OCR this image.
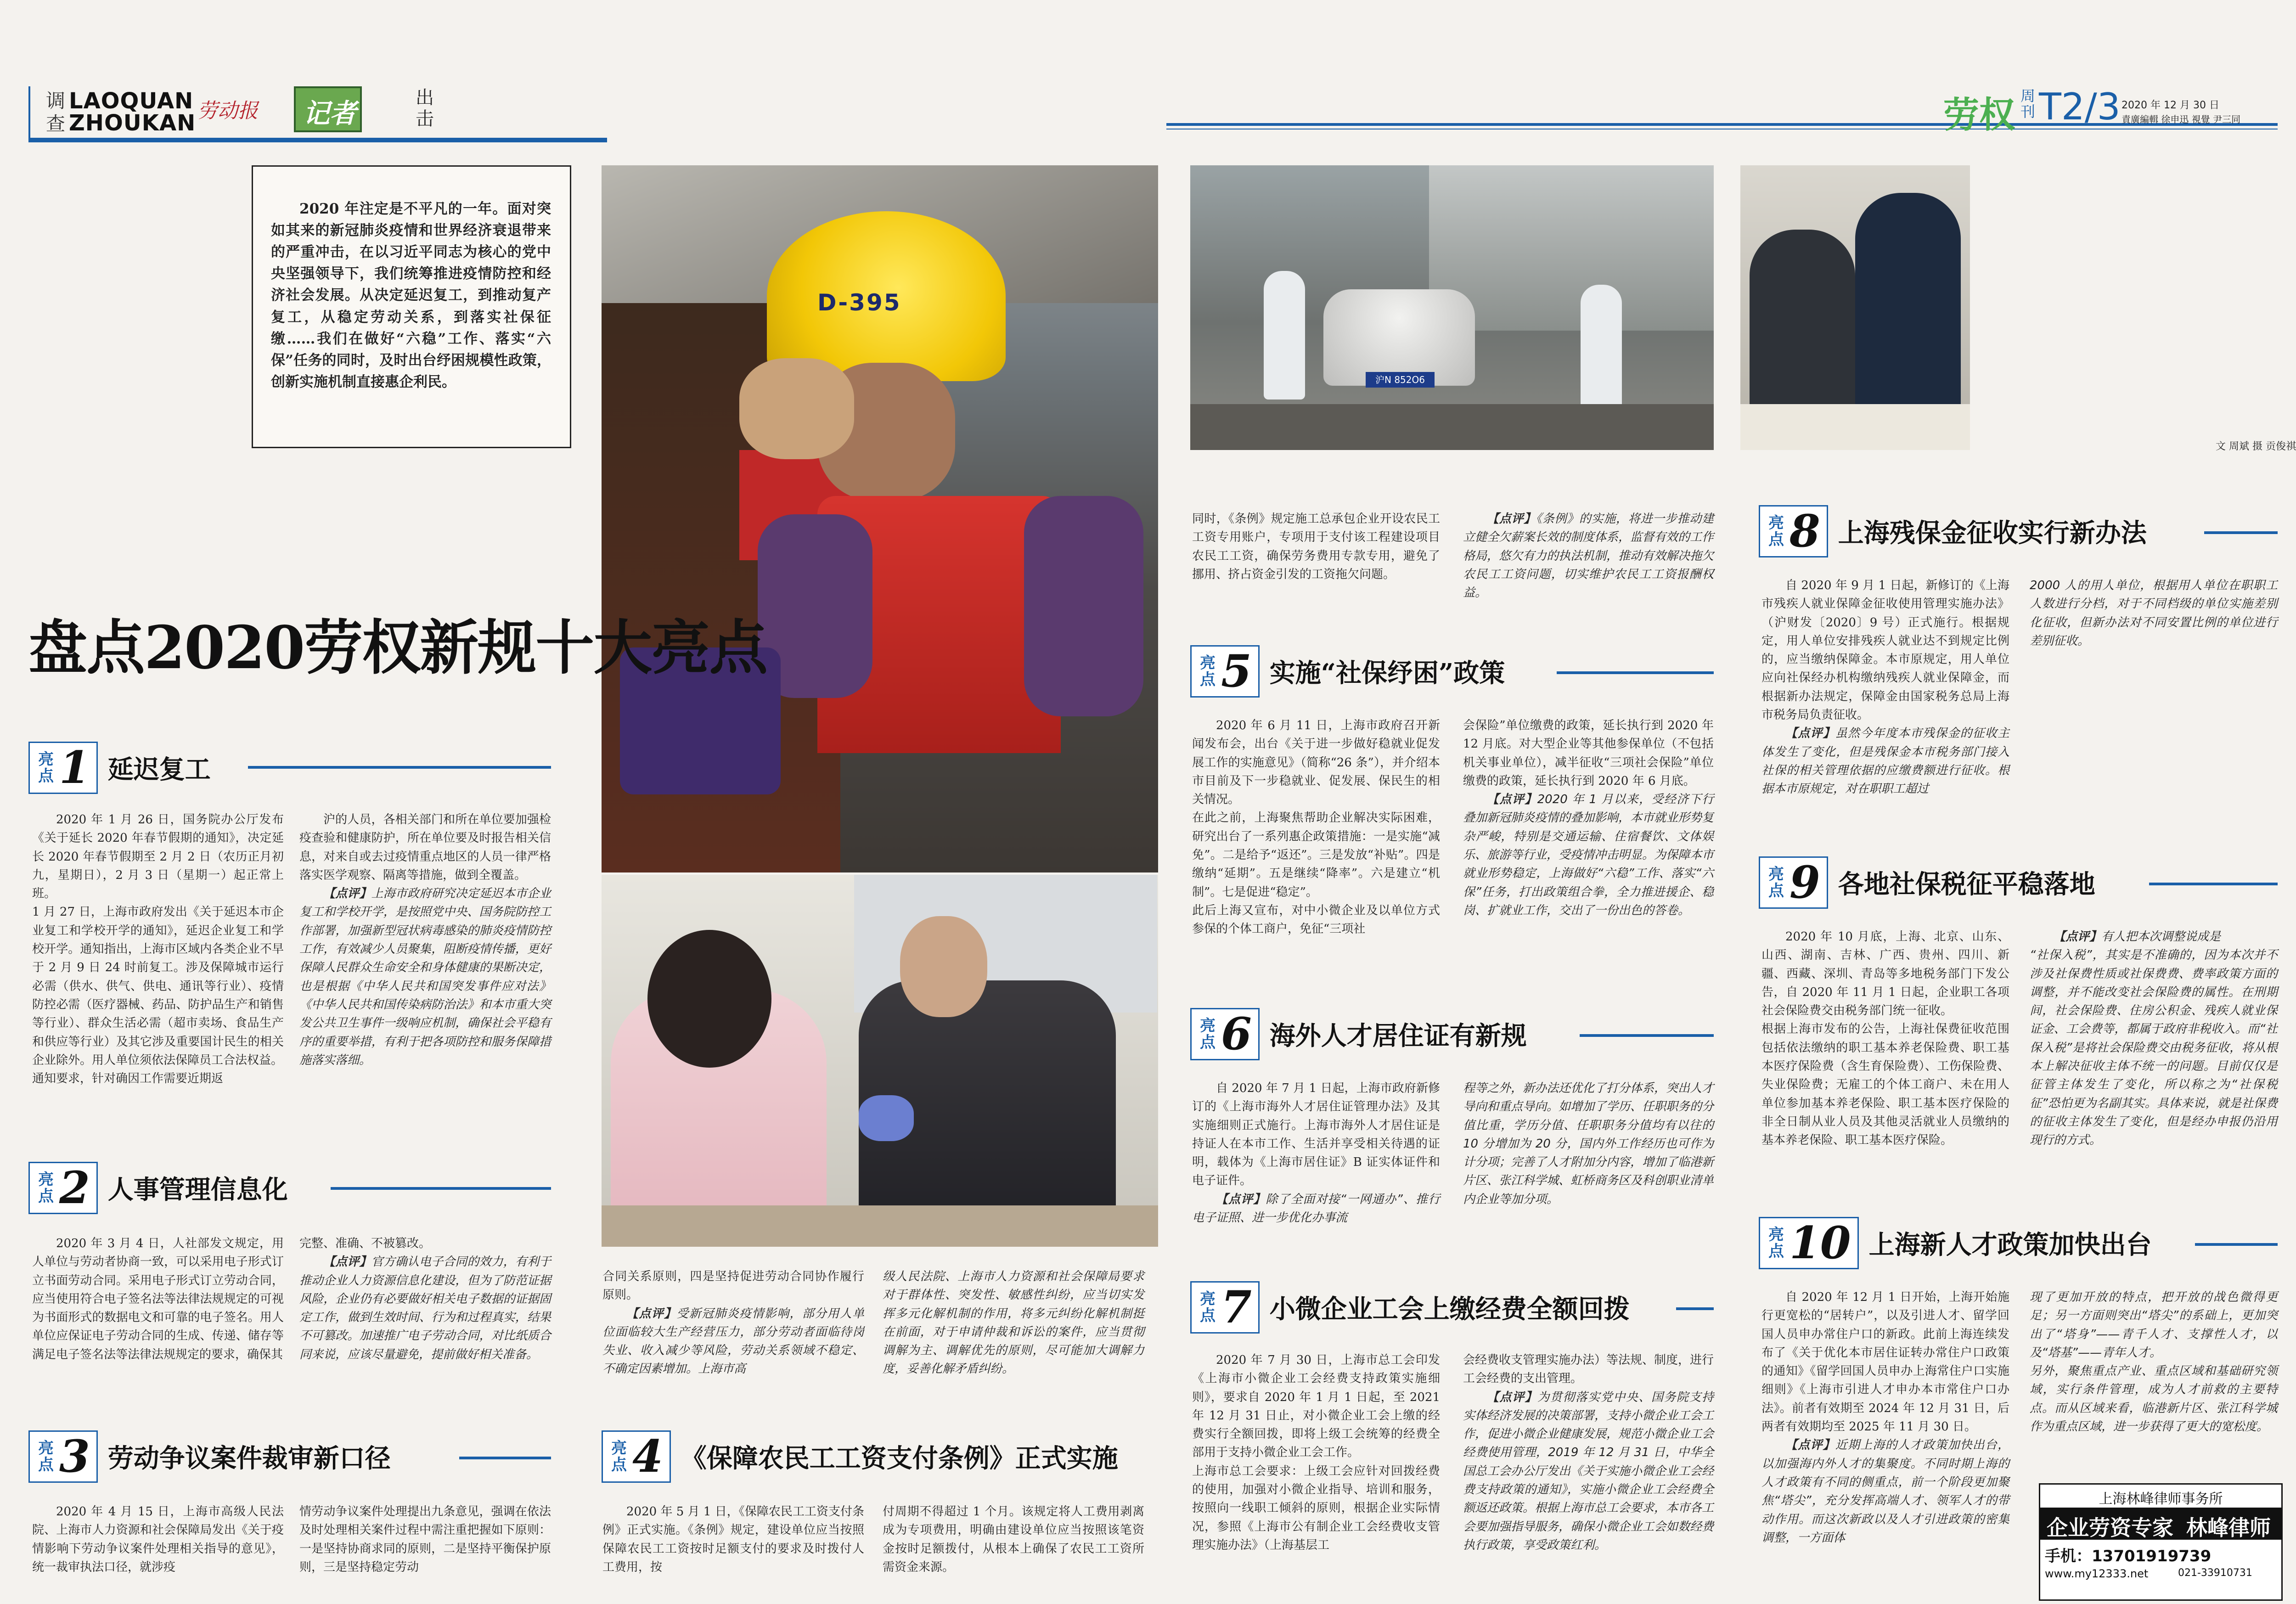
调
查
LAOQUAN
ZHOUKAN 劳动报 记者	出
击	劳权 周
刊 T2/3 2020 年 12 月 30 日
責廣編輯 徐申迅 視覺 尹三同
2020 年注定是不平凡的一年。面对突如其来的新冠肺炎疫情和世界经济衰退带来的严重冲击，在以习近平同志为核心的党中央坚强领导下，我们统筹推进疫情防控和经济社会发展。从决定延迟复工，到推动复产复工，从稳定劳动关系，到落实社保征缴……我们在做好“六稳”工作、落实“六保”任务的同时，及时出台纾困规模性政策，创新实施机制直接惠企利民。
D-395
盘点2020劳权新规十大亮点
沪N 852O6
文 周斌 摄 贡俊祺
亮
点 1 延迟复工
2020 年 1 月 26 日，国务院办公厅发布《关于延长 2020 年春节假期的通知》，决定延长 2020 年春节假期至 2 月 2 日（农历正月初九，星期日），2 月 3 日（星期一）起正常上班。
1 月 27 日，上海市政府发出《关于延迟本市企业复工和学校开学的通知》，延迟企业复工和学校开学。通知指出，上海市区域内各类企业不早于 2 月 9 日 24 时前复工。涉及保障城市运行必需（供水、供气、供电、通讯等行业）、疫情防控必需（医疗器械、药品、防护品生产和销售等行业）、群众生活必需（超市卖场、食品生产和供应等行业）及其它涉及重要国计民生的相关企业除外。用人单位须依法保障员工合法权益。
通知要求，针对确因工作需要近期返
沪的人员，各相关部门和所在单位要加强检疫查验和健康防护，所在单位要及时报告相关信息，对来自或去过疫情重点地区的人员一律严格落实医学观察、隔离等措施，做到全覆盖。
【点评】上海市政府研究决定延迟本市企业复工和学校开学，是按照党中央、国务院防控工作部署，加强新型冠状病毒感染的肺炎疫情防控工作，有效减少人员聚集，阻断疫情传播，更好保障人民群众生命安全和身体健康的果断决定，也是根据《中华人民共和国突发事件应对法》《中华人民共和国传染病防治法》和本市重大突发公共卫生事件一级响应机制，确保社会平稳有序的重要举措，有利于把各项防控和服务保障措施落实落细。
亮
点 2 人事管理信息化
2020 年 3 月 4 日，人社部发文规定，用人单位与劳动者协商一致，可以采用电子形式订立书面劳动合同。采用电子形式订立劳动合同，应当使用符合电子签名法等法律法规规定的可视为书面形式的数据电文和可靠的电子签名。用人单位应保证电子劳动合同的生成、传递、储存等满足电子签名法等法律法规规定的要求，确保其
完整、准确、不被篡改。
【点评】官方确认电子合同的效力，有利于推动企业人力资源信息化建设，但为了防范证据风险，企业仍有必要做好相关电子数据的证据固定工作，做到生效时间、行为和过程真实，结果不可篡改。加速推广电子劳动合同，对比纸质合同来说，应该尽量避免，提前做好相关准备。
亮
点 3 劳动争议案件裁审新口径
2020 年 4 月 15 日，上海市高级人民法院、上海市人力资源和社会保障局发出《关于疫情影响下劳动争议案件处理相关指导的意见》，统一裁审执法口径，就涉疫
情劳动争议案件处理提出九条意见，强调在依法及时处理相关案件过程中需注重把握如下原则：一是坚持协商求同的原则，二是坚持平衡保护原则，三是坚持稳定劳动
合同关系原则，四是坚持促进劳动合同协作履行原则。
【点评】受新冠肺炎疫情影响，部分用人单位面临较大生产经营压力，部分劳动者面临待岗失业、收入减少等风险，劳动关系领域不稳定、不确定因素增加。上海市高
级人民法院、上海市人力资源和社会保障局要求对于群体性、突发性、敏感性纠纷，应当切实发挥多元化解机制的作用，将多元纠纷化解机制挺在前面，对于申请仲裁和诉讼的案件，应当贯彻调解为主、调解优先的原则，尽可能加大调解力度，妥善化解矛盾纠纷。
亮
点 4 《保障农民工工资支付条例》正式实施
2020 年 5 月 1 日，《保障农民工工资支付条例》正式实施。《条例》规定，建设单位应当按照保障农民工工资按时足额支付的要求及时拨付人工费用，按
付周期不得超过 1 个月。该规定将人工费用剥离成为专项费用，明确由建设单位应当按照该笔资金按时足额拨付，从根本上确保了农民工工资所需资金来源。
同时，《条例》规定施工总承包企业开设农民工工资专用账户，专项用于支付该工程建设项目农民工工资，确保劳务费用专款专用，避免了挪用、挤占资金引发的工资拖欠问题。
【点评】《条例》的实施，将进一步推动建立健全欠薪案长效的制度体系，监督有效的工作格局，悠欠有力的执法机制，推动有效解决拖欠农民工工资问题，切实维护农民工工资报酬权益。
亮
点 5 实施“社保纾困”政策
2020 年 6 月 11 日，上海市政府召开新闻发布会，出台《关于进一步做好稳就业促发展工作的实施意见》（简称“26 条”），并介绍本市目前及下一步稳就业、促发展、保民生的相关情况。
在此之前，上海聚焦帮助企业解决实际困难，研究出台了一系列惠企政策措施：一是实施“减免”。二是给予“返还”。三是发放“补贴”。四是缴纳“延期”。五是继续“降率”。六是建立“机制”。七是促进“稳定”。
此后上海又宣布，对中小微企业及以单位方式参保的个体工商户，免征“三项社
会保险”单位缴费的政策，延长执行到 2020 年 12 月底。对大型企业等其他参保单位（不包括机关事业单位），减半征收“三项社会保险”单位缴费的政策，延长执行到 2020 年 6 月底。
【点评】2020 年 1 月以来，受经济下行叠加新冠肺炎疫情的叠加影响，本市就业形势复杂严峻，特别是交通运输、住宿餐饮、文体娱乐、旅游等行业，受疫情冲击明显。为保障本市就业形势稳定，上海做好“六稳”工作、落实“六保”任务，打出政策组合拳，全力推进援企、稳岗、扩就业工作，交出了一份出色的答卷。
亮
点 6 海外人才居住证有新规
自 2020 年 7 月 1 日起，上海市政府新修订的《上海市海外人才居住证管理办法》及其实施细则正式施行。上海市海外人才居住证是持证人在本市工作、生活并享受相关待遇的证明，载体为《上海市居住证》B 证实体证件和电子证件。
【点评】除了全面对接“一网通办”、推行电子证照、进一步优化办事流
程等之外，新办法还优化了打分体系，突出人才导向和重点导向。如增加了学历、任职职务的分值比重，学历分值、任职职务分值均有以往的 10 分增加为 20 分，国内外工作经历也可作为计分项；完善了人才附加分内容，增加了临港新片区、张江科学城、虹桥商务区及科创职业清单内企业等加分项。
亮
点 7 小微企业工会上缴经费全额回拨
2020 年 7 月 30 日，上海市总工会印发《上海市小微企业工会经费支持政策实施细则》，要求自 2020 年 1 月 1 日起，至 2021 年 12 月 31 日止，对小微企业工会上缴的经费实行全额回拨，即将上级工会统筹的经费全部用于支持小微企业工会工作。
上海市总工会要求：上级工会应针对回拨经费的使用，加强对小微企业指导、培训和服务，按照向一线职工倾斜的原则，根据企业实际情况，参照《上海市公有制企业工会经费收支管理实施办法》（上海基层工
会经费收支管理实施办法）等法规、制度，进行工会经费的支出管理。
【点评】为贯彻落实党中央、国务院支持实体经济发展的决策部署，支持小微企业工会工作，促进小微企业健康发展，规范小微企业工会经费使用管理，2019 年 12 月 31 日，中华全国总工会办公厅发出《关于实施小微企业工会经费支持政策的通知》，实施小微企业工会经费全额返还政策。根据上海市总工会要求，本市各工会要加强指导服务，确保小微企业工会如数经费执行政策，享受政策红利。
亮
点 8 上海残保金征收实行新办法
自 2020 年 9 月 1 日起，新修订的《上海市残疾人就业保障金征收使用管理实施办法》（沪财发〔2020〕9 号）正式施行。根据规定，用人单位安排残疾人就业达不到规定比例的，应当缴纳保障金。本市原规定，用人单位应向社保经办机构缴纳残疾人就业保障金，而根据新办法规定，保障金由国家税务总局上海市税务局负责征收。
【点评】虽然今年度本市残保金的征收主体发生了变化，但是残保金本市税务部门接入社保的相关管理依据的应缴费额进行征收。根据本市原规定，对在职职工超过
2000 人的用人单位，根据用人单位在职职工人数进行分档，对于不同档级的单位实施差别化征收，但新办法对不同安置比例的单位进行差别征收。
亮
点 9 各地社保税征平稳落地
2020 年 10 月底，上海、北京、山东、山西、湖南、吉林、广西、贵州、四川、新疆、西藏、深圳、青岛等多地税务部门下发公告，自 2020 年 11 月 1 日起，企业职工各项社会保险费交由税务部门统一征收。
根据上海市发布的公告，上海社保费征收范围包括依法缴纳的职工基本养老保险费、职工基本医疗保险费（含生育保险费）、工伤保险费、失业保险费；无雇工的个体工商户、未在用人单位参加基本养老保险、职工基本医疗保险的非全日制从业人员及其他灵活就业人员缴纳的基本养老保险、职工基本医疗保险。
【点评】有人把本次调整说成是
“社保入税”，其实是不准确的，因为本次并不涉及社保费性质或社保费费、费率政策方面的调整，并不能改变社会保险费的属性。在刑期间，社会保险费、住房公积金、残疾人就业保证金、工会费等，都属于政府非税收入。而“社保入税”是将社会保险费交由税务征收，将从根本上解决征收主体不统一的问题。目前仅仅是征管主体发生了变化，所以称之为“社保税征”恐怕更为名副其实。具体来说，就是社保费的征收主体发生了变化，但是经办申报仍沿用现行的方式。
亮
点 10 上海新人才政策加快出台
自 2020 年 12 月 1 日开始，上海开始施行更宽松的“居转户”，以及引进人才、留学回国人员申办常住户口的新政。此前上海连续发布了《关于优化本市居住证转办常住户口政策的通知》《留学回国人员申办上海常住户口实施细则》《上海市引进人才申办本市常住户口办法》。前者有效期至 2024 年 12 月 31 日，后两者有效期均至 2025 年 11 月 30 日。
【点评】近期上海的人才政策加快出台，以加强海内外人才的集聚度。不同时期上海的人才政策有不同的侧重点，前一个阶段更加聚焦“塔尖”，充分发挥高端人才、领军人才的带动作用。而这次新政以及人才引进政策的密集调整，一方面体
现了更加开放的特点，把开放的战色微得更足；另一方面则突出“塔尖”的系础上，更加突出了“塔身”——青千人才、支撑性人才，以及“塔基”——青年人才。
另外，聚焦重点产业、重点区域和基础研究领域，实行条件管理，成为人才前救的主要特点。而从区域来看，临港新片区、张江科学城作为重点区域，进一步获得了更大的宽松度。
上海林峰律师事务所
企业劳资专家 林峰律师
手机：13701919739
www.my12333.net	021-33910731
